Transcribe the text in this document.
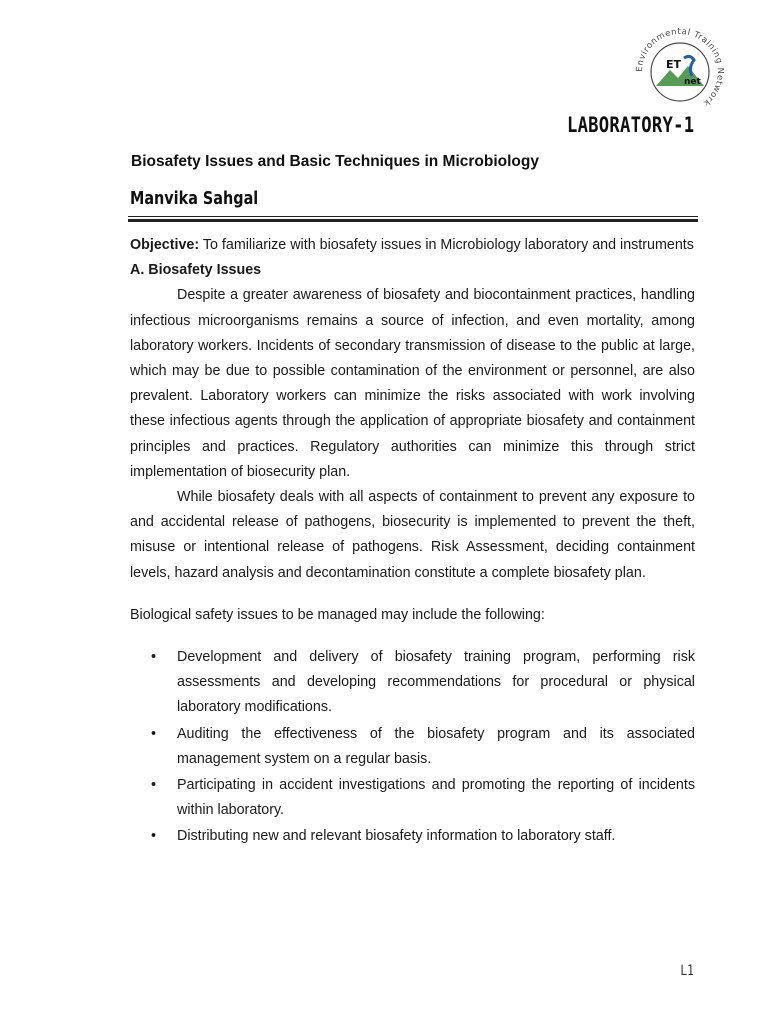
Environmental Training Network
ET
net
LABORATORY-1
Biosafety Issues and Basic Techniques in Microbiology
Manvika Sahgal

Objective: To familiarize with biosafety issues in Microbiology laboratory and instruments

A. Biosafety Issues

Despite a greater awareness of biosafety and biocontainment practices, handling infectious microorganisms remains a source of infection, and even mortality, among laboratory workers. Incidents of secondary transmission of disease to the public at large, which may be due to possible contamination of the environment or personnel, are also prevalent. Laboratory workers can minimize the risks associated with work involving these infectious agents through the application of appropriate biosafety and containment principles and practices. Regulatory authorities can minimize this through strict implementation of biosecurity plan.

While biosafety deals with all aspects of containment to prevent any exposure to and accidental release of pathogens, biosecurity is implemented to prevent the theft, misuse or intentional release of pathogens. Risk Assessment, deciding containment levels, hazard analysis and decontamination constitute a complete biosafety plan.

Biological safety issues to be managed may include the following:

• Development and delivery of biosafety training program, performing risk assessments and developing recommendations for procedural or physical laboratory modifications.
• Auditing the effectiveness of the biosafety program and its associated management system on a regular basis.
• Participating in accident investigations and promoting the reporting of incidents within laboratory.
• Distributing new and relevant biosafety information to laboratory staff.
L1
